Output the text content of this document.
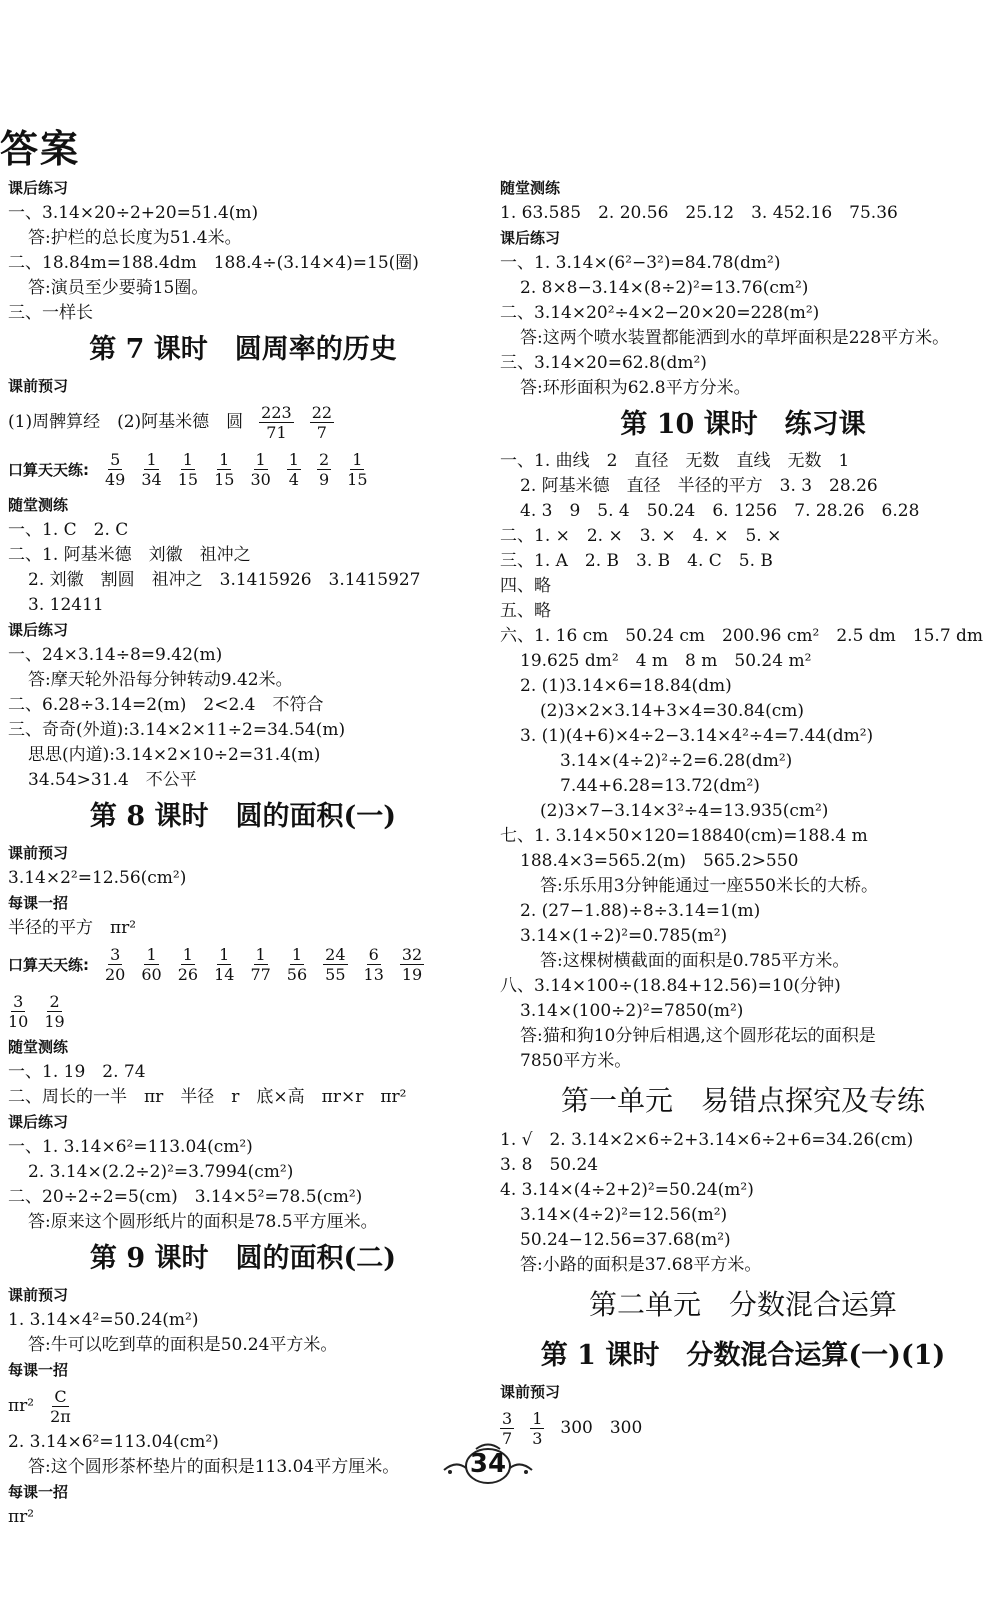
答案
课后练习
一、3.14×20÷2+20=51.4(m)
答:护栏的总长度为51.4米。
二、18.84m=188.4dm　188.4÷(3.14×4)=15(圈)
答:演员至少要骑15圈。
三、一样长
第 7 课时　圆周率的历史
课前预习
(1)周髀算经　(2)阿基米德　圆 $\frac{223}{71} \frac{22}{7}$
口算天天练: $\frac{5}{49} \frac{1}{34} \frac{1}{15} \frac{1}{15} \frac{1}{30} \frac{1}{4} \frac{2}{9} \frac{1}{15}$
随堂测练
一、1. C　2. C
二、1. 阿基米德　刘徽　祖冲之
2. 刘徽　割圆　祖冲之　3.1415926　3.1415927
3. 12411
课后练习
一、24×3.14÷8=9.42(m)
答:摩天轮外沿每分钟转动9.42米。
二、6.28÷3.14=2(m)　2<2.4　不符合
三、奇奇(外道):3.14×2×11÷2=34.54(m)
思思(内道):3.14×2×10÷2=31.4(m)
34.54>31.4　不公平
第 8 课时　圆的面积(一)
课前预习
3.14×2²=12.56(cm²)
每课一招
半径的平方　πr²
口算天天练: $\frac{3}{20} \frac{1}{60} \frac{1}{26} \frac{1}{14} \frac{1}{77} \frac{1}{56} \frac{24}{55} \frac{6}{13} \frac{32}{19}$
$\frac{3}{10} \frac{2}{19}$
随堂测练
一、1. 19　2. 74
二、周长的一半　πr　半径　r　底×高　πr×r　πr²
课后练习
一、1. 3.14×6²=113.04(cm²)
2. 3.14×(2.2÷2)²=3.7994(cm²)
二、20÷2÷2=5(cm)　3.14×5²=78.5(cm²)
答:原来这个圆形纸片的面积是78.5平方厘米。
第 9 课时　圆的面积(二)
课前预习
1. 3.14×4²=50.24(m²)
答:牛可以吃到草的面积是50.24平方米。
每课一招
$\pi r^2 \frac{C}{2\pi}$
2. 3.14×6²=113.04(cm²)
答:这个圆形茶杯垫片的面积是113.04平方厘米。
每课一招
πr²
随堂测练
1. 63.585　2. 20.56　25.12　3. 452.16　75.36
课后练习
一、1. 3.14×(6²−3²)=84.78(dm²)
2. 8×8−3.14×(8÷2)²=13.76(cm²)
二、3.14×20²÷4×2−20×20=228(m²)
答:这两个喷水装置都能洒到水的草坪面积是228平方米。
三、3.14×20=62.8(dm²)
答:环形面积为62.8平方分米。
第 10 课时　练习课
一、1. 曲线　2　直径　无数　直线　无数　1
2. 阿基米德　直径　半径的平方　3. 3　28.26
4. 3　9　5. 4　50.24　6. 1256　7. 28.26　6.28
二、1. ×　2. ×　3. ×　4. ×　5. ×
三、1. A　2. B　3. B　4. C　5. B
四、略
五、略
六、1. 16 cm　50.24 cm　200.96 cm²　2.5 dm　15.7 dm
19.625 dm²　4 m　8 m　50.24 m²
2. (1)3.14×6=18.84(dm)
(2)3×2×3.14+3×4=30.84(cm)
3. (1)(4+6)×4÷2−3.14×4²÷4=7.44(dm²)
3.14×(4÷2)²÷2=6.28(dm²)
7.44+6.28=13.72(dm²)
(2)3×7−3.14×3²÷4=13.935(cm²)
七、1. 3.14×50×120=18840(cm)=188.4 m
188.4×3=565.2(m)　565.2>550
答:乐乐用3分钟能通过一座550米长的大桥。
2. (27−1.88)÷8÷3.14=1(m)
3.14×(1÷2)²=0.785(m²)
答:这棵树横截面的面积是0.785平方米。
八、3.14×100÷(18.84+12.56)=10(分钟)
3.14×(100÷2)²=7850(m²)
答:猫和狗10分钟后相遇,这个圆形花坛的面积是
7850平方米。
第一单元　易错点探究及专练
1. √　2. 3.14×2×6÷2+3.14×6÷2+6=34.26(cm)
3. 8　50.24
4. 3.14×(4÷2+2)²=50.24(m²)
3.14×(4÷2)²=12.56(m²)
50.24−12.56=37.68(m²)
答:小路的面积是37.68平方米。
第二单元　分数混合运算
第 1 课时　分数混合运算(一)(1)
课前预习
$\frac{3}{7} \frac{1}{3} 300$　300
34
